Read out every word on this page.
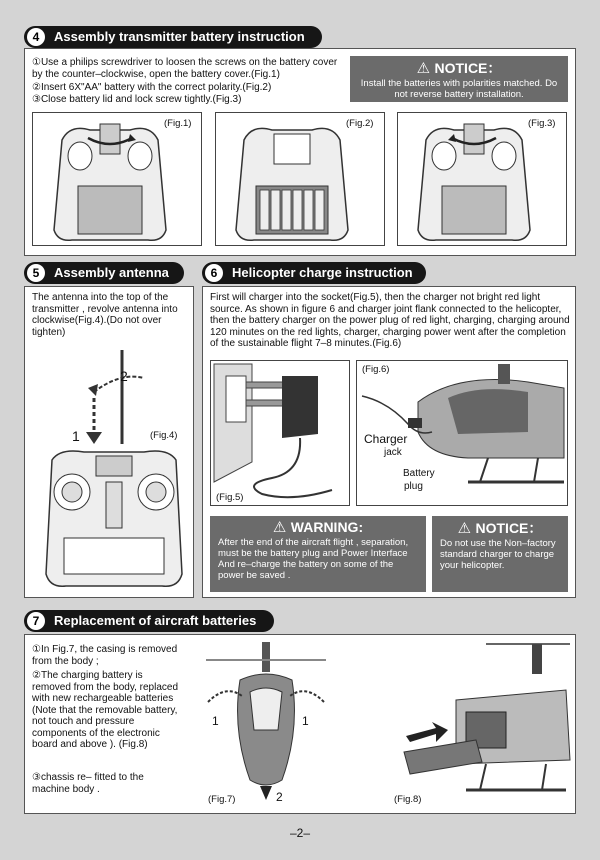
4	Assembly transmitter battery instruction
①Use a philips screwdriver to loosen the screws on the battery cover by the counter–clockwise, open the battery cover.(Fig.1)
②Insert 6X"AA" battery with the correct polarity.(Fig.2)
③Close battery lid and lock screw tightly.(Fig.3)
⚠ NOTICE：
Install the batteries with polarities matched. Do not reverse battery installation.
(Fig.1)	(Fig.2)	(Fig.3)
5	Assembly antenna
The antenna into the top of the transmitter , revolve antenna into clockwise(Fig.4).(Do not over tighten)
2
1	(Fig.4)
6	Helicopter charge instruction
First will charger into the socket(Fig.5), then the charger not bright red light source. As shown in figure 6 and charger joint flank connected to the helicopter, then the battery charger on the power plug of red light, charging, charging around 120 minutes on the red lights, charger, charging power went after the completion of the sustainable flight 7–8 minutes.(Fig.6)
(Fig.5)
(Fig.6)
Charger
jack
Battery
plug
⚠ WARNING:
After the end of the aircraft flight , separation, must be the battery plug and Power Interface And re–charge the battery on some of the power be saved .
⚠ NOTICE：
Do not use the Non–factory standard charger to charge your helicopter.
7	Replacement of aircraft batteries
①In Fig.7, the casing is removed from the body ;
②The charging battery is removed from the body, replaced with new rechargeable batteries (Note that the removable battery, not touch and pressure components of the electronic board and above ). (Fig.8)
③chassis re– fitted to the machine body .
1	1
2
(Fig.7)	(Fig.8)
–2–
